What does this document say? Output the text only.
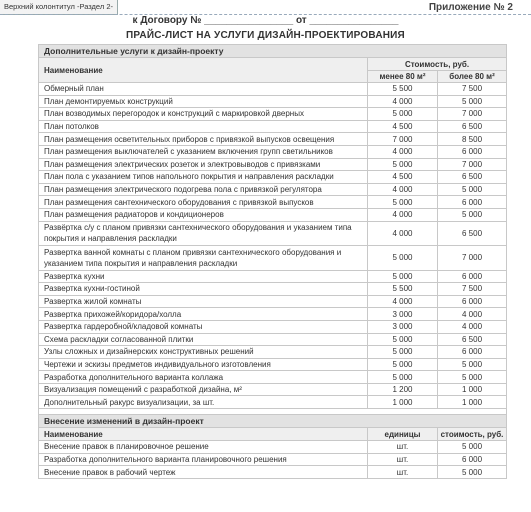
Верхний колонтитул -Раздел 2-	Приложение № 2
к Договору № ________________ от ________________
ПРАЙС-ЛИСТ НА УСЛУГИ ДИЗАЙН-ПРОЕКТИРОВАНИЯ
Дополнительные услуги к дизайн-проекту		
Наименование	Стоимость, руб.	
	менее 80 м²	более 80 м²
Обмерный план	5 500	7 500
План демонтируемых конструкций	4 000	5 000
План возводимых перегородок и конструкций с маркировкой дверных	5 000	7 000
План потолков	4 500	6 500
План размещения осветительных приборов с привязкой выпусков освещения	7 000	8 500
План размещения выключателей с указанием включения групп светильников	4 000	6 000
План размещения электрических розеток и электровыводов с привязками	5 000	7 000
План пола с указанием типов напольного покрытия и направления раскладки	4 500	6 500
План размещения электрического подогрева пола с привязкой регулятора	4 000	5 000
План размещения сантехнического оборудования с привязкой выпусков	5 000	6 000
План размещения радиаторов и кондиционеров	4 000	5 000
Развёртка с/у с планом привязки сантехнического оборудования и указанием типа покрытия и направления раскладки	4 000	6 500
Развертка ванной комнаты с планом привязки сантехнического оборудования и указанием типа покрытия и направления раскладки	5 000	7 000
Развертка кухни	5 000	6 000
Развертка кухни-гостиной	5 500	7 500
Развертка жилой комнаты	4 000	6 000
Развертка прихожей/коридора/холла	3 000	4 000
Развертка гардеробной/кладовой комнаты	3 000	4 000
Схема раскладки согласованной плитки	5 000	6 500
Узлы сложных и дизайнерских конструктивных решений	5 000	6 000
Чертежи и эскизы предметов индивидуального изготовления	5 000	5 000
Разработка дополнительного варианта коллажа	5 000	5 000
Визуализация помещений с разработкой дизайна, м²	1 200	1 000
Дополнительный ракурс визуализации, за шт.	1 000	1 000

Внесение изменений в дизайн-проект		
Наименование	единицы	стоимость, руб.
Внесение правок в планировочное решение	шт.	5 000
Разработка дополнительного варианта планировочного решения	шт.	6 000
Внесение правок в рабочий чертеж	шт.	5 000
